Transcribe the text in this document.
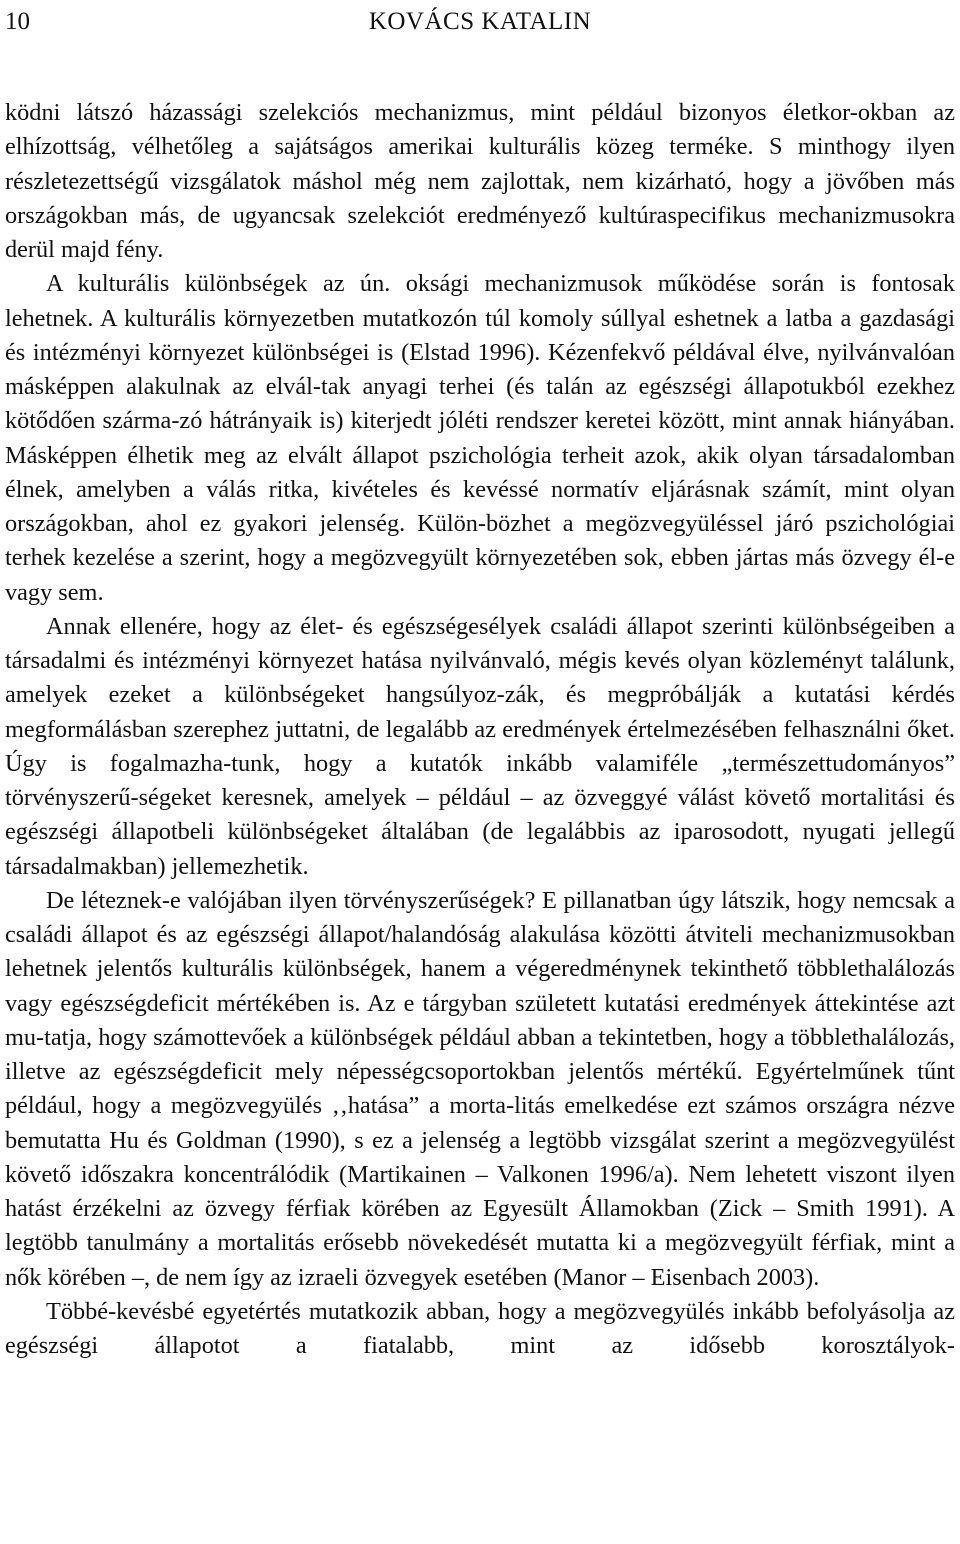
10	KOVÁCS KATALIN

ködni látszó házassági szelekciós mechanizmus, mint például bizonyos életkor-okban az elhízottság, vélhetőleg a sajátságos amerikai kulturális közeg terméke. S minthogy ilyen részletezettségű vizsgálatok máshol még nem zajlottak, nem kizárható, hogy a jövőben más országokban más, de ugyancsak szelekciót eredményező kultúraspecifikus mechanizmusokra derül majd fény.

A kulturális különbségek az ún. oksági mechanizmusok működése során is fontosak lehetnek. A kulturális környezetben mutatkozón túl komoly súllyal eshetnek a latba a gazdasági és intézményi környezet különbségei is (Elstad 1996). Kézenfekvő példával élve, nyilvánvalóan másképpen alakulnak az elvál-tak anyagi terhei (és talán az egészségi állapotukból ezekhez kötődően szárma-zó hátrányaik is) kiterjedt jóléti rendszer keretei között, mint annak hiányában. Másképpen élhetik meg az elvált állapot pszichológia terheit azok, akik olyan társadalomban élnek, amelyben a válás ritka, kivételes és kevéssé normatív eljárásnak számít, mint olyan országokban, ahol ez gyakori jelenség. Külön-bözhet a megözvegyüléssel járó pszichológiai terhek kezelése a szerint, hogy a megözvegyült környezetében sok, ebben jártas más özvegy él-e vagy sem.

Annak ellenére, hogy az élet- és egészségesélyek családi állapot szerinti különbségeiben a társadalmi és intézményi környezet hatása nyilvánvaló, mégis kevés olyan közleményt találunk, amelyek ezeket a különbségeket hangsúlyoz-zák, és megpróbálják a kutatási kérdés megformálásban szerephez juttatni, de legalább az eredmények értelmezésében felhasználni őket. Úgy is fogalmazha-tunk, hogy a kutatók inkább valamiféle „természettudományos” törvényszerű-ségeket keresnek, amelyek – például – az özveggyé válást követő mortalitási és egészségi állapotbeli különbségeket általában (de legalábbis az iparosodott, nyugati jellegű társadalmakban) jellemezhetik.

De léteznek-e valójában ilyen törvényszerűségek? E pillanatban úgy látszik, hogy nemcsak a családi állapot és az egészségi állapot/halandóság alakulása közötti átviteli mechanizmusokban lehetnek jelentős kulturális különbségek, hanem a végeredménynek tekinthető többlethalálozás vagy egészségdeficit mértékében is. Az e tárgyban született kutatási eredmények áttekintése azt mu-tatja, hogy számottevőek a különbségek például abban a tekintetben, hogy a többlethalálozás, illetve az egészségdeficit mely népességcsoportokban jelentős mértékű. Egyértelműnek tűnt például, hogy a megözvegyülés ‚‚hatása” a morta-litás emelkedése ezt számos országra nézve bemutatta Hu és Goldman (1990), s ez a jelenség a legtöbb vizsgálat szerint a megözvegyülést követő időszakra koncentrálódik (Martikainen – Valkonen 1996/a). Nem lehetett viszont ilyen hatást érzékelni az özvegy férfiak körében az Egyesült Államokban (Zick – Smith 1991). A legtöbb tanulmány a mortalitás erősebb növekedését mutatta ki a megözvegyült férfiak, mint a nők körében –, de nem így az izraeli özvegyek esetében (Manor – Eisenbach 2003).

Többé-kevésbé egyetértés mutatkozik abban, hogy a megözvegyülés inkább befolyásolja az egészségi állapotot a fiatalabb, mint az idősebb korosztályok-
